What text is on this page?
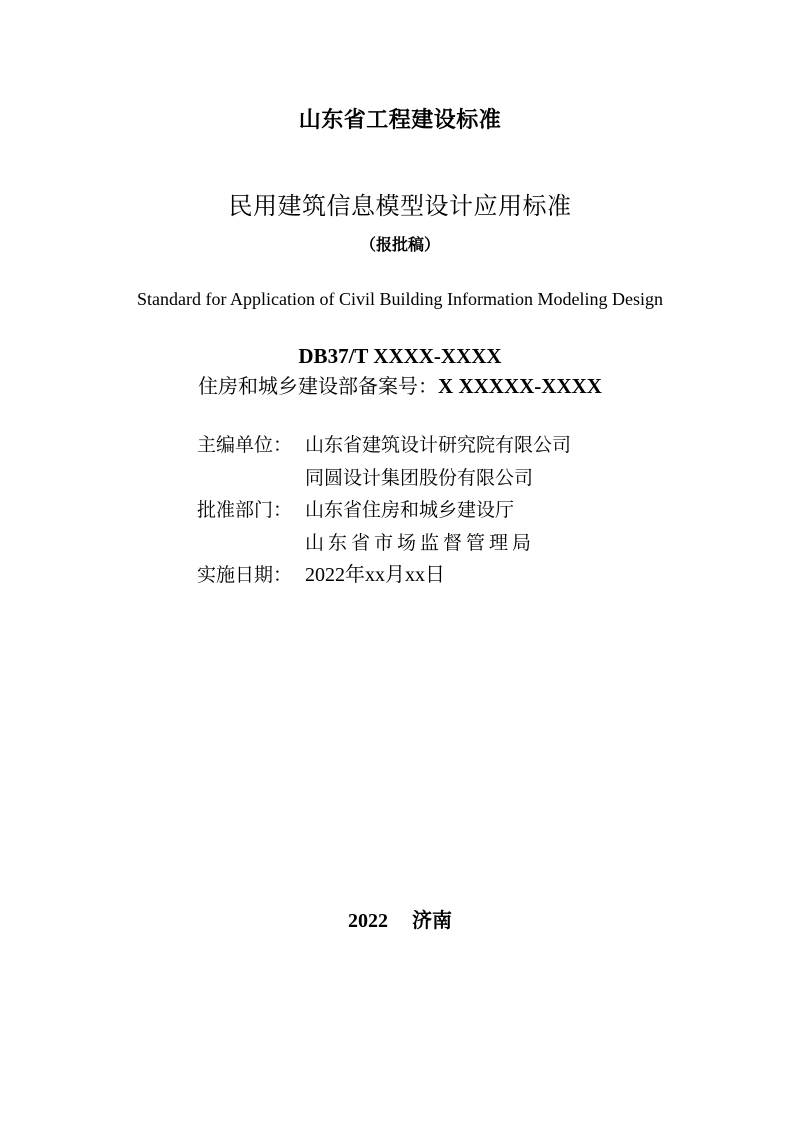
山东省工程建设标准
民用建筑信息模型设计应用标准
（报批稿）
Standard for Application of Civil Building Information Modeling Design
DB37/T XXXX-XXXX
住房和城乡建设部备案号：X XXXXX-XXXX
主编单位： 山东省建筑设计研究院有限公司
同圆设计集团股份有限公司
批准部门： 山东省住房和城乡建设厅
山东省市场监督管理局
实施日期： 2022年xx月xx日
2022 济南
